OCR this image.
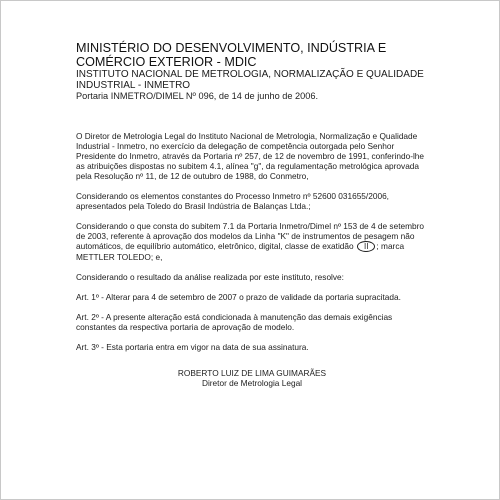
MINISTÉRIO DO DESENVOLVIMENTO, INDÚSTRIA E

COMÉRCIO EXTERIOR - MDIC

INSTITUTO NACIONAL DE METROLOGIA, NORMALIZAÇÃO E QUALIDADE

INDUSTRIAL - INMETRO

Portaria INMETRO/DIMEL Nº 096, de 14 de junho de 2006.

O Diretor de Metrologia Legal do Instituto Nacional de Metrologia, Normalização e Qualidade

Industrial - Inmetro, no exercício da delegação de competência outorgada pelo Senhor

Presidente do Inmetro, através da Portaria nº 257, de 12 de novembro de 1991, conferindo-lhe

as atribuições dispostas no subitem 4.1, alínea "g", da regulamentação metrológica aprovada

pela Resolução nº 11, de 12 de outubro de 1988, do Conmetro,

Considerando os elementos constantes do Processo Inmetro nº 52600 031655/2006,

apresentados pela Toledo do Brasil Indústria de Balanças Ltda.;

Considerando o que consta do subitem 7.1 da Portaria Inmetro/Dimel nº 153 de 4 de setembro

de 2003, referente à aprovação dos modelos da Linha "K" de instrumentos de pesagem não

automáticos, de equilíbrio automático, eletrônico, digital, classe de exatidão II ; marca

METTLER TOLEDO; e,

Considerando o resultado da análise realizada por este instituto, resolve:

Art. 1º - Alterar para 4 de setembro de 2007 o prazo de validade da portaria supracitada.

Art. 2º - A presente alteração está condicionada à manutenção das demais exigências

constantes da respectiva portaria de aprovação de modelo.

Art. 3º - Esta portaria entra em vigor na data de sua assinatura.

ROBERTO LUIZ DE LIMA GUIMARÃES

Diretor de Metrologia Legal
